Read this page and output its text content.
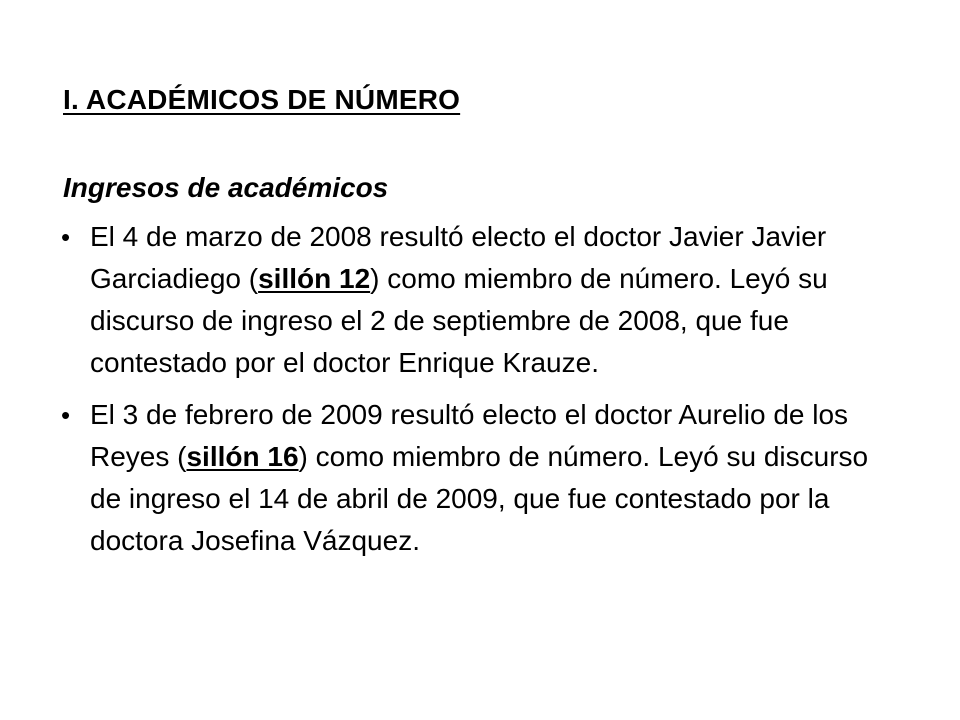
I. ACADÉMICOS DE NÚMERO
Ingresos de académicos
• El 4 de marzo de 2008 resultó electo el doctor Javier Javier Garciadiego (sillón 12) como miembro de número. Leyó su discurso de ingreso el 2 de septiembre de 2008, que fue contestado por el doctor Enrique Krauze.
• El 3 de febrero de 2009 resultó electo el doctor Aurelio de los Reyes (sillón 16) como miembro de número. Leyó su discurso de ingreso el 14 de abril de 2009, que fue contestado por la doctora Josefina Vázquez.
